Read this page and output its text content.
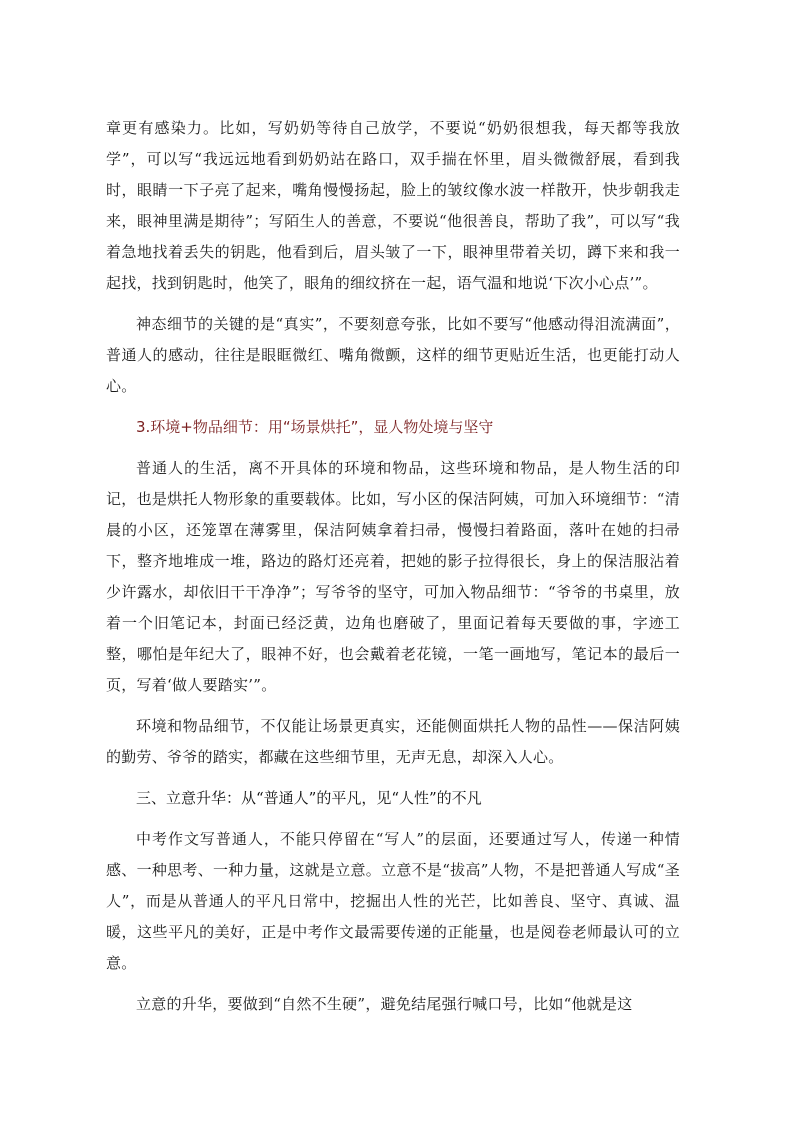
章更有感染力。比如，写奶奶等待自己放学，不要说“奶奶很想我，每天都等我放学”，可以写“我远远地看到奶奶站在路口，双手揣在怀里，眉头微微舒展，看到我时，眼睛一下子亮了起来，嘴角慢慢扬起，脸上的皱纹像水波一样散开，快步朝我走来，眼神里满是期待”；写陌生人的善意，不要说“他很善良，帮助了我”，可以写“我着急地找着丢失的钥匙，他看到后，眉头皱了一下，眼神里带着关切，蹲下来和我一起找，找到钥匙时，他笑了，眼角的细纹挤在一起，语气温和地说‘下次小心点’”。

神态细节的关键的是“真实”，不要刻意夸张，比如不要写“他感动得泪流满面”，普通人的感动，往往是眼眶微红、嘴角微颤，这样的细节更贴近生活，也更能打动人心。

3.环境+物品细节：用“场景烘托”，显人物处境与坚守

普通人的生活，离不开具体的环境和物品，这些环境和物品，是人物生活的印记，也是烘托人物形象的重要载体。比如，写小区的保洁阿姨，可加入环境细节：“清晨的小区，还笼罩在薄雾里，保洁阿姨拿着扫帚，慢慢扫着路面，落叶在她的扫帚下，整齐地堆成一堆，路边的路灯还亮着，把她的影子拉得很长，身上的保洁服沾着少许露水，却依旧干干净净”；写爷爷的坚守，可加入物品细节：“爷爷的书桌里，放着一个旧笔记本，封面已经泛黄，边角也磨破了，里面记着每天要做的事，字迹工整，哪怕是年纪大了，眼神不好，也会戴着老花镜，一笔一画地写，笔记本的最后一页，写着‘做人要踏实’”。

环境和物品细节，不仅能让场景更真实，还能侧面烘托人物的品性——保洁阿姨的勤劳、爷爷的踏实，都藏在这些细节里，无声无息，却深入人心。

三、立意升华：从“普通人”的平凡，见“人性”的不凡

中考作文写普通人，不能只停留在“写人”的层面，还要通过写人，传递一种情感、一种思考、一种力量，这就是立意。立意不是“拔高”人物，不是把普通人写成“圣人”，而是从普通人的平凡日常中，挖掘出人性的光芒，比如善良、坚守、真诚、温暖，这些平凡的美好，正是中考作文最需要传递的正能量，也是阅卷老师最认可的立意。

立意的升华，要做到“自然不生硬”，避免结尾强行喊口号，比如“他就是这
